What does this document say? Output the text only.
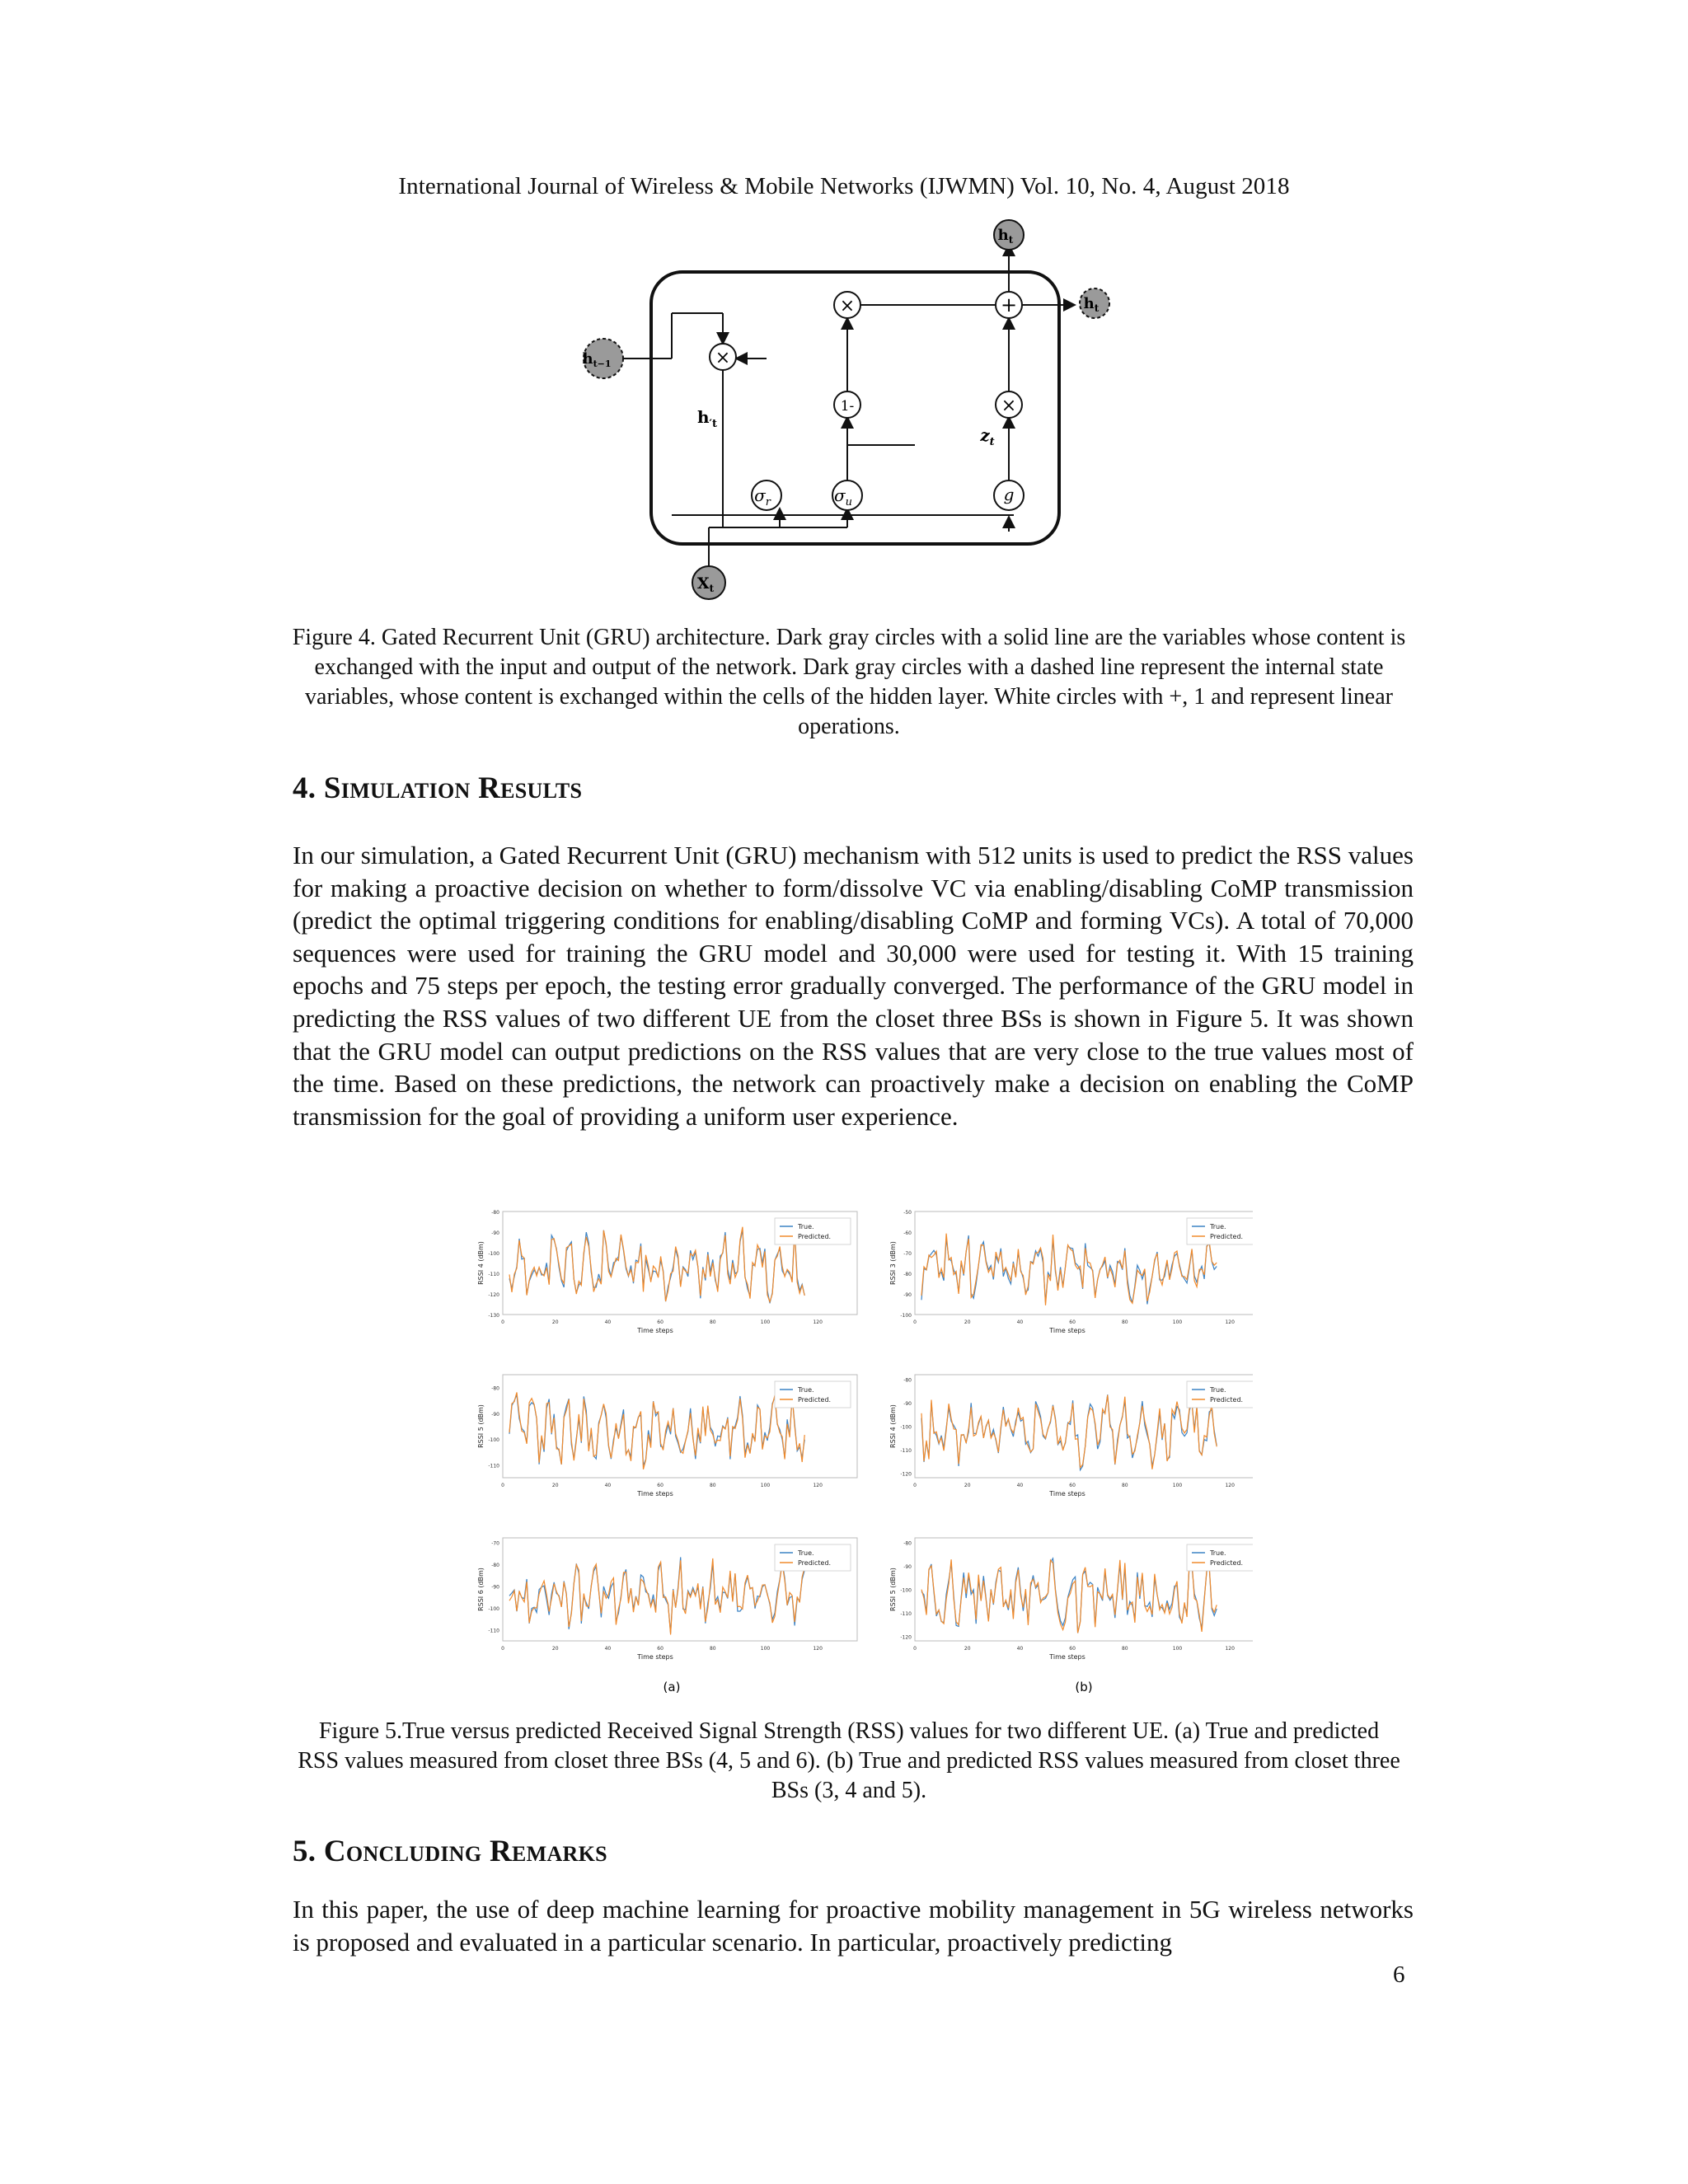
International Journal of Wireless & Mobile Networks (IJWMN) Vol. 10, No. 4, August 2018
×	+
×
1-	×
$\sigma_r$	$\sigma_u$	g
$h_t$
$h_t$
$h_{t-1}$
$X_t$
$h't$
$z_t$
Figure 4. Gated Recurrent Unit (GRU) architecture. Dark gray circles with a solid line are the variables whose content is exchanged with the input and output of the network. Dark gray circles with a dashed line represent the internal state variables, whose content is exchanged within the cells of the hidden layer. White circles with +, 1 and represent linear operations.
4. Simulation Results
In our simulation, a Gated Recurrent Unit (GRU) mechanism with 512 units is used to predict the RSS values for making a proactive decision on whether to form/dissolve VC via enabling/disabling CoMP transmission (predict the optimal triggering conditions for enabling/disabling CoMP and forming VCs). A total of 70,000 sequences were used for training the GRU model and 30,000 were used for testing it. With 15 training epochs and 75 steps per epoch, the testing error gradually converged. The performance of the GRU model in predicting the RSS values of two different UE from the closet three BSs is shown in Figure 5. It was shown that the GRU model can output predictions on the RSS values that are very close to the true values most of the time. Based on these predictions, the network can proactively make a decision on enabling the CoMP transmission for the goal of providing a uniform user experience.
(a)	(b)
-80
-90
-100
-110
-120
-130
0	20	40	60	80	100	120
Time steps
RSSI 4 (dBm)
True.
Predicted.
-50
-60
-70
-80
-90
-100
0	20	40	60	80	100	120
Time steps
RSSI 3 (dBm)
True.
Predicted.
-80
-90
-100
-110
0	20	40	60	80	100	120
Time steps
RSSI 5 (dBm)
True.
Predicted.
-80
-90
-100
-110
-120
0	20	40	60	80	100	120
Time steps
RSSI 4 (dBm)
True.
Predicted.
-70
-80
-90
-100
-110
0	20	40	60	80	100	120
Time steps
RSSI 6 (dBm)
True.
Predicted.
-80
-90
-100
-110
-120
0	20	40	60	80	100	120
Time steps
RSSI 5 (dBm)
True.
Predicted.
Figure 5.True versus predicted Received Signal Strength (RSS) values for two different UE. (a) True and predicted RSS values measured from closet three BSs (4, 5 and 6). (b) True and predicted RSS values measured from closet three BSs (3, 4 and 5).
5. Concluding Remarks
In this paper, the use of deep machine learning for proactive mobility management in 5G wireless networks is proposed and evaluated in a particular scenario. In particular, proactively predicting
6
